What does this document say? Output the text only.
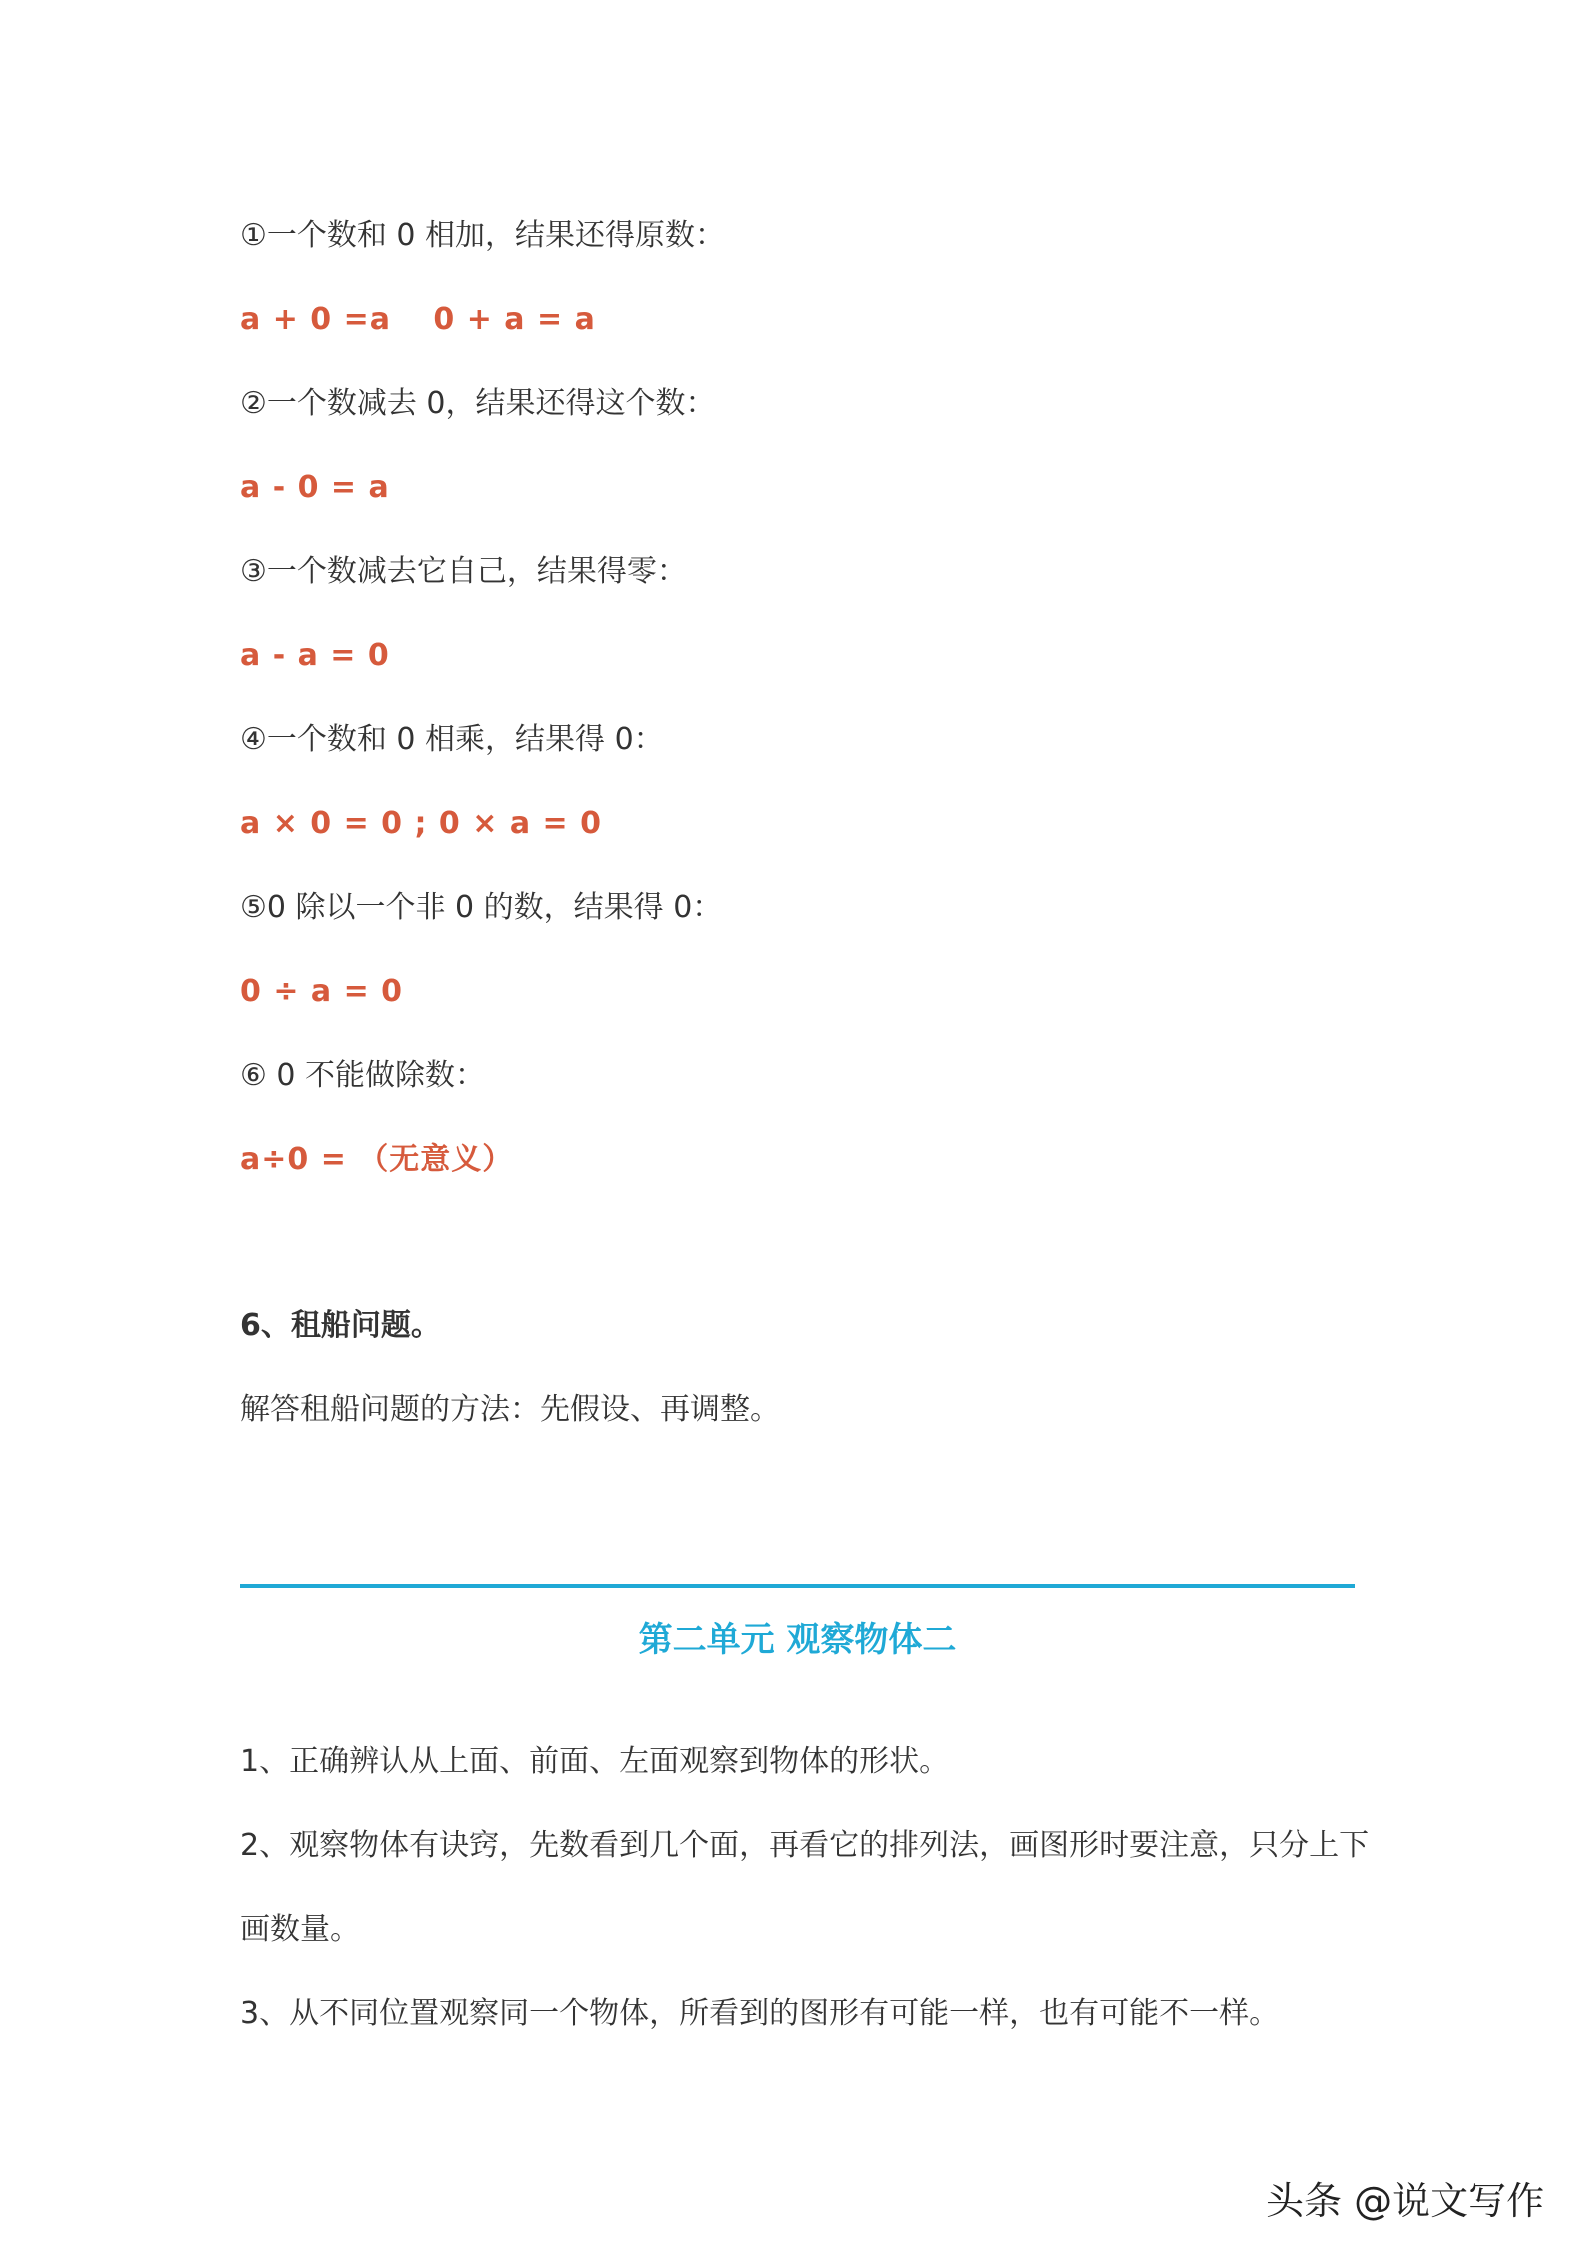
①一个数和 0 相加，结果还得原数：
a + 0 =a　 0 + a = a
②一个数减去 0，结果还得这个数：
a - 0 = a
③一个数减去它自己，结果得零：
a - a = 0
④一个数和 0 相乘，结果得 0：
a × 0 = 0 ; 0 × a = 0
⑤0 除以一个非 0 的数，结果得 0：
0 ÷ a = 0
⑥ 0 不能做除数：
a÷0 = （无意义）
6、租船问题。
解答租船问题的方法：先假设、再调整。
第二单元 观察物体二
1、正确辨认从上面、前面、左面观察到物体的形状。
2、观察物体有诀窍，先数看到几个面，再看它的排列法，画图形时要注意，只分上下
画数量。
3、从不同位置观察同一个物体，所看到的图形有可能一样，也有可能不一样。
头条 @说文写作
